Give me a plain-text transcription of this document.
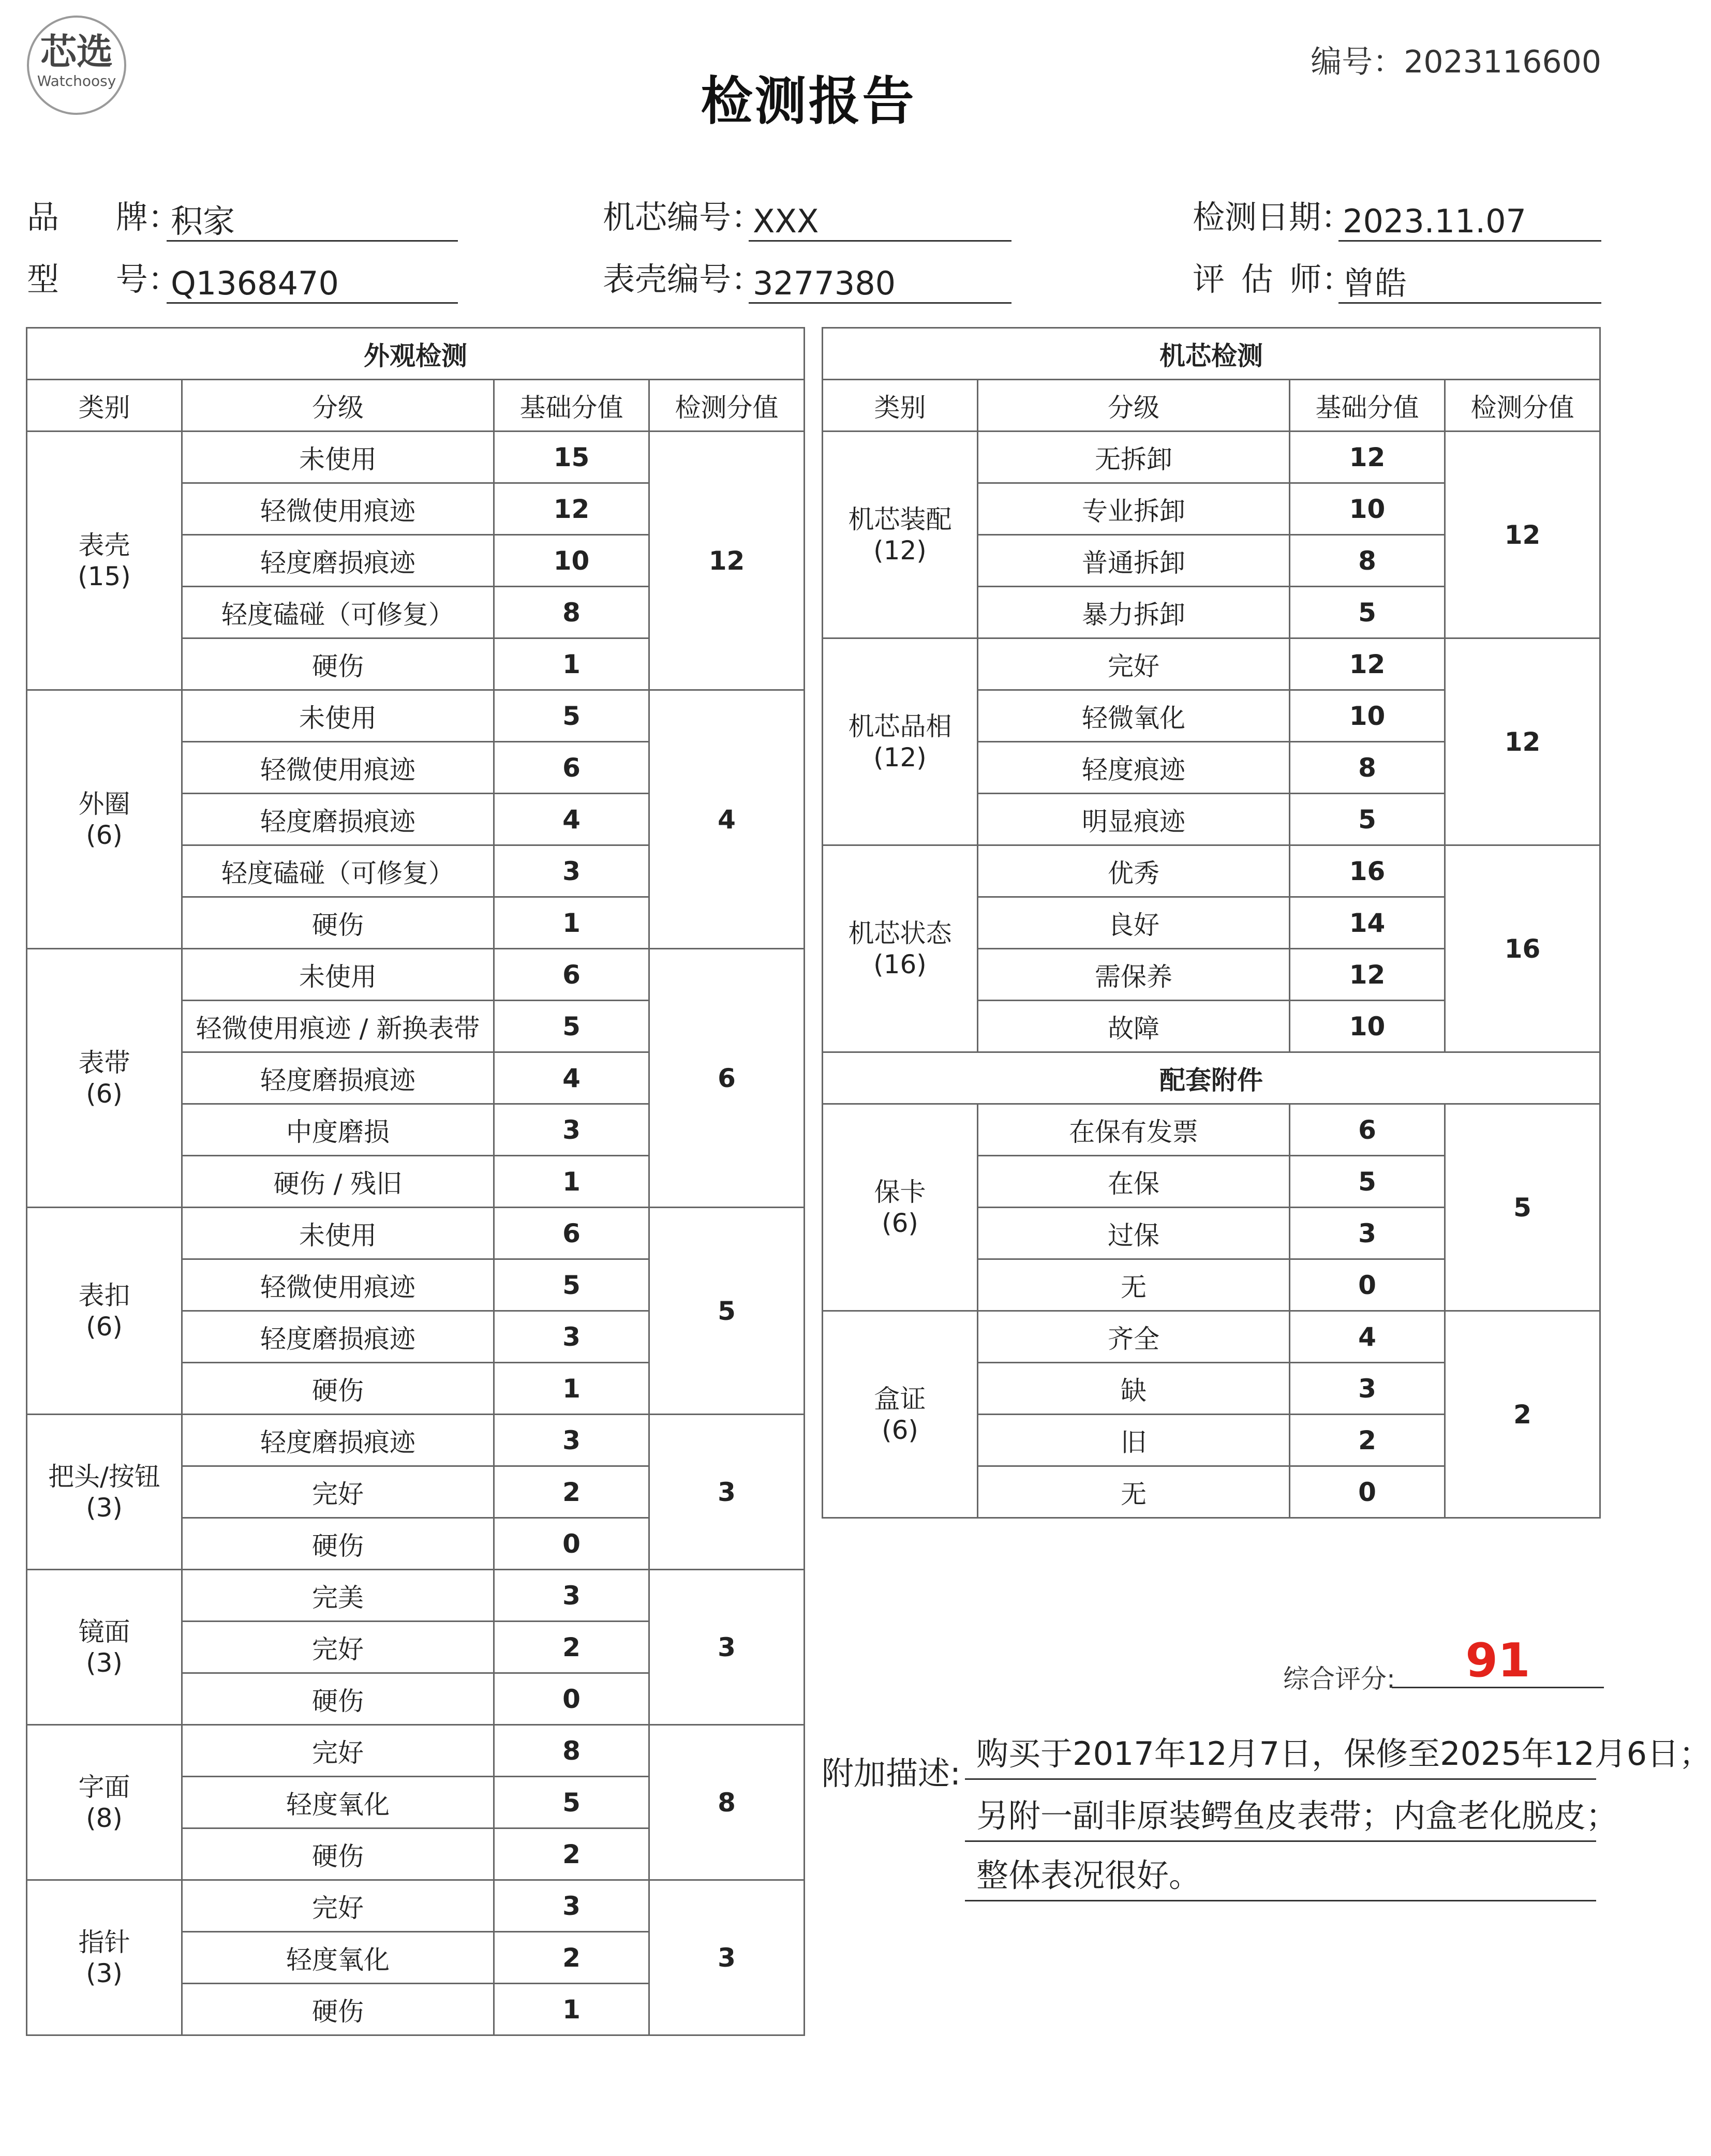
芯选
Watchoosy
编号：2023116600
检测报告
品 牌：
积家
型 号：
Q1368470
机芯编号：
XXX
表壳编号：
3277380
检测日期：
2023.11.07
评 估 师：
曾皓
外观检测			
类别	分级	基础分值	检测分值

表壳
(15)	未使用	15	12
	轻微使用痕迹	12	
	轻度磨损痕迹	10	
	轻度磕碰（可修复）	8	
	硬伤	1	

外圈
(6)	未使用	5	4
	轻微使用痕迹	6	
	轻度磨损痕迹	4	
	轻度磕碰（可修复）	3	
	硬伤	1	

表带
(6)	未使用	6	6
	轻微使用痕迹 / 新换表带	5	
	轻度磨损痕迹	4	
	中度磨损	3	
	硬伤 / 残旧	1	

表扣
(6)	未使用	6	5
	轻微使用痕迹	5	
	轻度磨损痕迹	3	
	硬伤	1	

把头/按钮
(3)	轻度磨损痕迹	3	3
	完好	2	
	硬伤	0	

镜面
(3)	完美	3	3
	完好	2	
	硬伤	0	

字面
(8)	完好	8	8
	轻度氧化	5	
	硬伤	2	

指针
(3)	完好	3	3
	轻度氧化	2	
	硬伤	1	
机芯检测			
类别	分级	基础分值	检测分值

机芯装配
(12)	无拆卸	12	12
	专业拆卸	10	
	普通拆卸	8	
	暴力拆卸	5	

机芯品相
(12)	完好	12	12
	轻微氧化	10	
	轻度痕迹	8	
	明显痕迹	5	

机芯状态
(16)	优秀	16	16
	良好	14	
	需保养	12	
	故障	10	
配套附件			

保卡
(6)	在保有发票	6	5
	在保	5	
	过保	3	
	无	0	

盒证
(6)	齐全	4	2
	缺	3	
	旧	2	
	无	0	
综合评分:	91
附加描述:
购买于2017年12月7日，保修至2025年12月6日；
另附一副非原装鳄鱼皮表带；内盒老化脱皮；
整体表况很好。
